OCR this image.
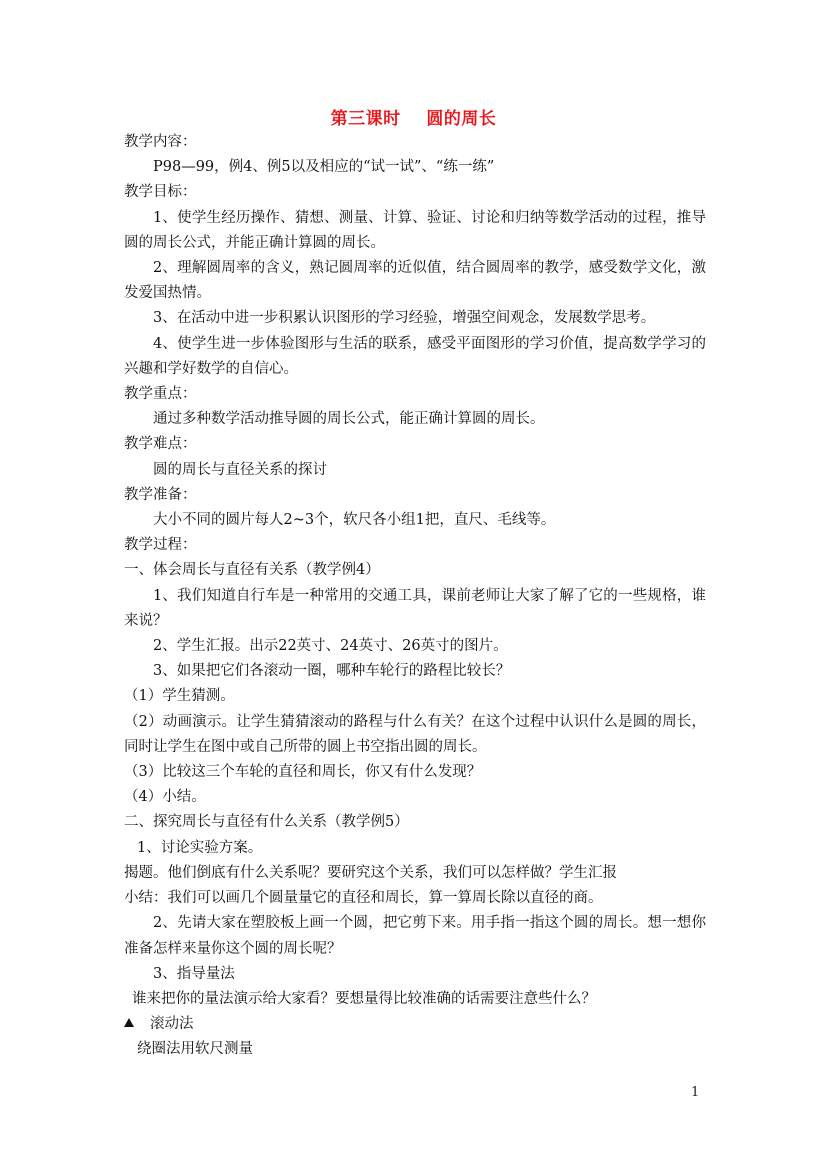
第三课时    圆的周长

教学内容：

P98—99，例4、例5以及相应的“试一试”、“练一练”

教学目标：

1、使学生经历操作、猜想、测量、计算、验证、讨论和归纳等数学活动的过程，推导圆的周长公式，并能正确计算圆的周长。

2、理解圆周率的含义，熟记圆周率的近似值，结合圆周率的教学，感受数学文化，激发爱国热情。

3、在活动中进一步积累认识图形的学习经验，增强空间观念，发展数学思考。

4、使学生进一步体验图形与生活的联系，感受平面图形的学习价值，提高数学学习的兴趣和学好数学的自信心。

教学重点：

通过多种数学活动推导圆的周长公式，能正确计算圆的周长。

教学难点：

圆的周长与直径关系的探讨

教学准备：

大小不同的圆片每人2~3个，软尺各小组1把，直尺、毛线等。

教学过程：

一、体会周长与直径有关系（教学例4）

1、我们知道自行车是一种常用的交通工具，课前老师让大家了解了它的一些规格，谁来说？

2、学生汇报。出示22英寸、24英寸、26英寸的图片。

3、如果把它们各滚动一圈，哪种车轮行的路程比较长？

（1）学生猜测。

（2）动画演示。让学生猜猜滚动的路程与什么有关？在这个过程中认识什么是圆的周长，同时让学生在图中或自己所带的圆上书空指出圆的周长。

（3）比较这三个车轮的直径和周长，你又有什么发现？

（4）小结。

二、探究周长与直径有什么关系（教学例5）

1、讨论实验方案。

揭题。他们倒底有什么关系呢？要研究这个关系，我们可以怎样做？学生汇报

小结：我们可以画几个圆量量它的直径和周长，算一算周长除以直径的商。

2、先请大家在塑胶板上画一个圆，把它剪下来。用手指一指这个圆的周长。想一想你准备怎样来量你这个圆的周长呢？

3、指导量法

谁来把你的量法演示给大家看？要想量得比较准确的话需要注意些什么？

滚动法

绕圈法用软尺测量

1
